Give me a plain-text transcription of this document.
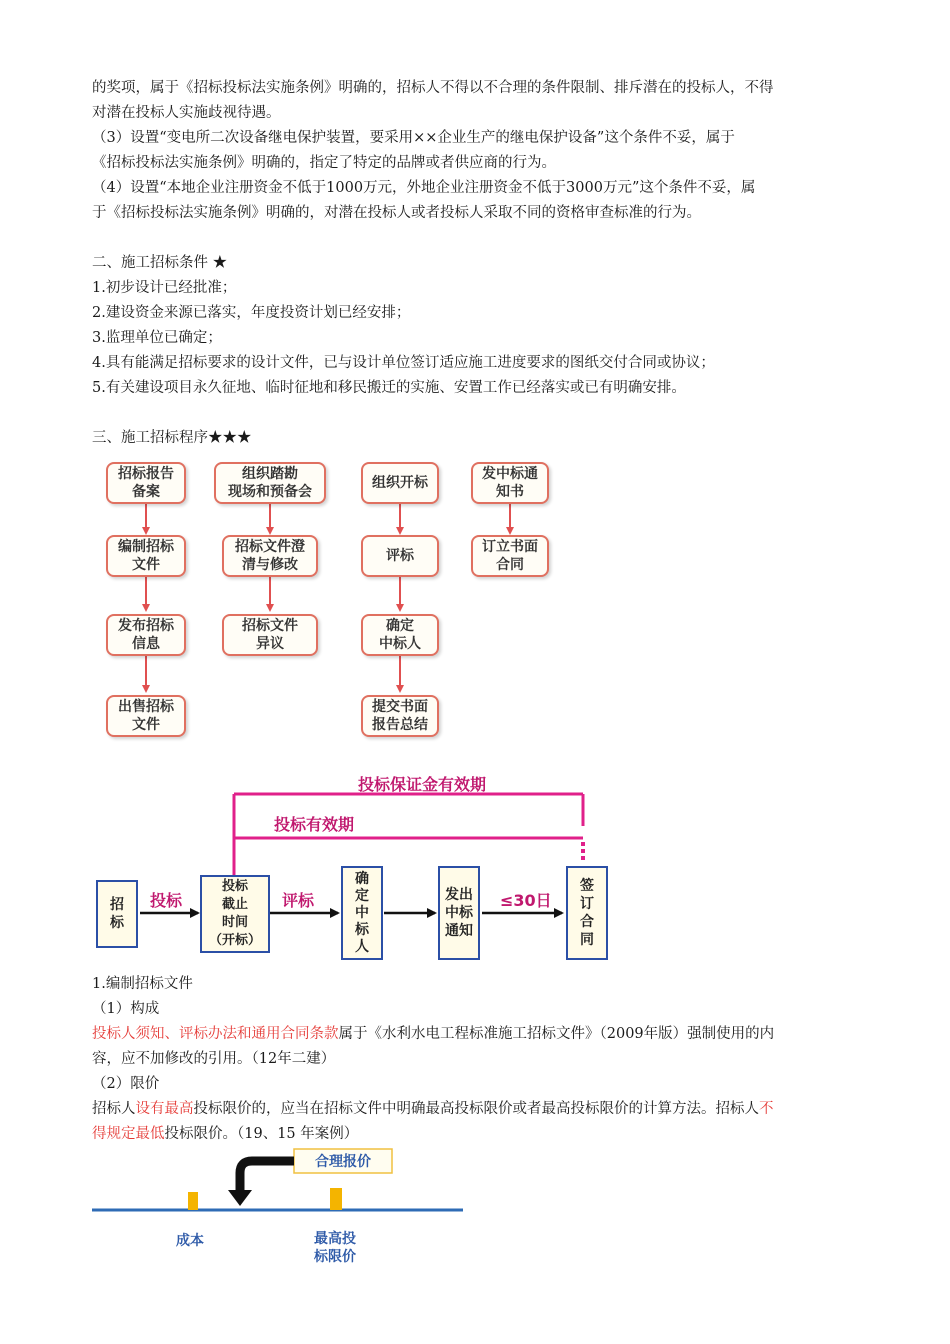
的奖项，属于《招标投标法实施条例》明确的，招标人不得以不合理的条件限制、排斥潜在的投标人，不得
对潜在投标人实施歧视待遇。
（3）设置“变电所二次设备继电保护装置，要采用××企业生产的继电保护设备”这个条件不妥，属于
《招标投标法实施条例》明确的，指定了特定的品牌或者供应商的行为。
（4）设置“本地企业注册资金不低于1000万元，外地企业注册资金不低于3000万元”这个条件不妥，属
于《招标投标法实施条例》明确的，对潜在投标人或者投标人采取不同的资格审查标准的行为。
二、施工招标条件 ★
1.初步设计已经批准；
2.建设资金来源已落实，年度投资计划已经安排；
3.监理单位已确定；
4.具有能满足招标要求的设计文件，已与设计单位签订适应施工进度要求的图纸交付合同或协议；
5.有关建设项目永久征地、临时征地和移民搬迁的实施、安置工作已经落实或已有明确安排。
三、施工招标程序★★★
招标报告
备案
编制招标
文件
发布招标
信息
出售招标
文件
组织踏勘
现场和预备会
招标文件澄
清与修改
招标文件
异议
组织开标
评标
确定
中标人
提交书面
报告总结
发中标通
知书
订立书面
合同
投标保证金有效期
投标有效期
投标	评标	≤30日
招
标
投标
截止
时间
（开标）
确
定
中
标
人
发出
中标
通知
签
订
合
同
1.编制招标文件
（1）构成
投标人须知、评标办法和通用合同条款属于《水利水电工程标准施工招标文件》（2009年版）强制使用的内
容，应不加修改的引用。（12年二建）
（2）限价
招标人设有最高投标限价的，应当在招标文件中明确最高投标限价或者最高投标限价的计算方法。招标人不
得规定最低投标限价。（19、15 年案例）
合理报价
成本	最高投
标限价
